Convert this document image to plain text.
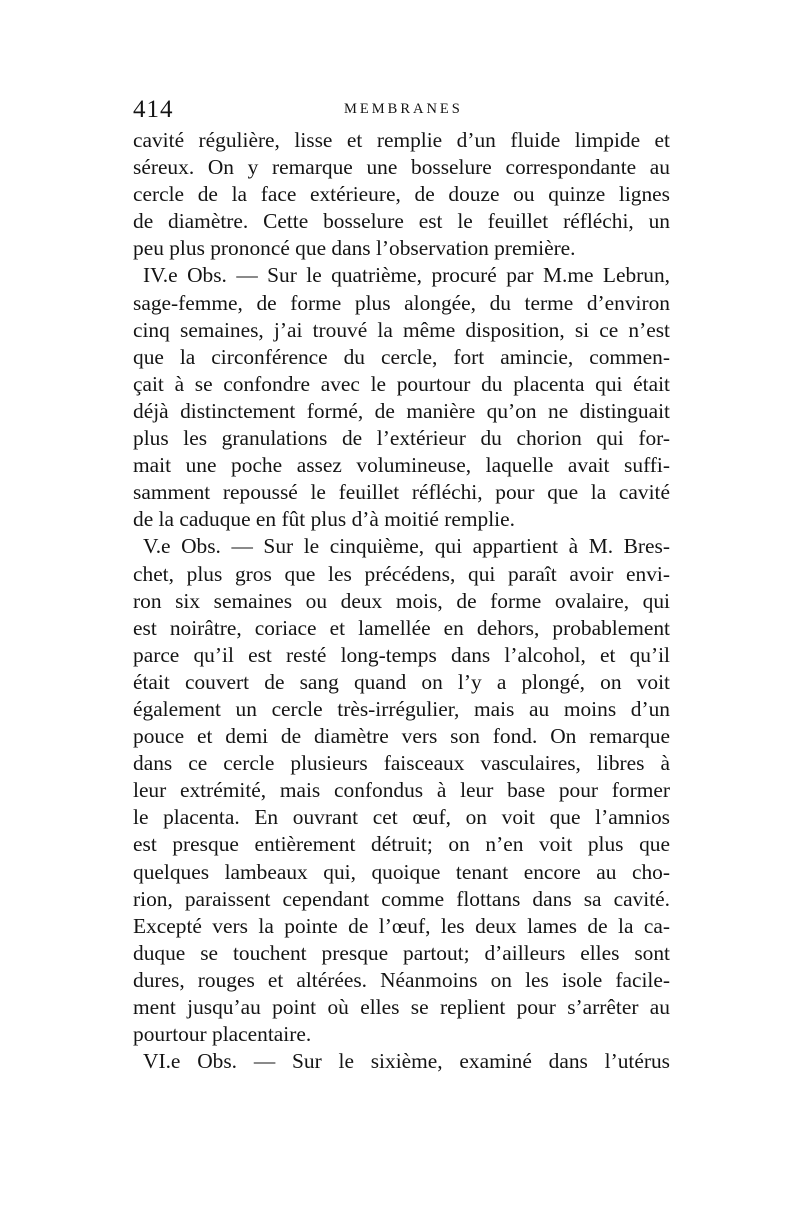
414	MEMBRANES
cavité régulière, lisse et remplie d’un fluide limpide et
séreux. On y remarque une bosselure correspondante au
cercle de la face extérieure, de douze ou quinze lignes
de diamètre. Cette bosselure est le feuillet réfléchi, un
peu plus prononcé que dans l’observation première.
IV.e Obs. — Sur le quatrième, procuré par M.me Lebrun,
sage-femme, de forme plus alongée, du terme d’environ
cinq semaines, j’ai trouvé la même disposition, si ce n’est
que la circonférence du cercle, fort amincie, commen-
çait à se confondre avec le pourtour du placenta qui était
déjà distinctement formé, de manière qu’on ne distinguait
plus les granulations de l’extérieur du chorion qui for-
mait une poche assez volumineuse, laquelle avait suffi-
samment repoussé le feuillet réfléchi, pour que la cavité
de la caduque en fût plus d’à moitié remplie.
V.e Obs. — Sur le cinquième, qui appartient à M. Bres-
chet, plus gros que les précédens, qui paraît avoir envi-
ron six semaines ou deux mois, de forme ovalaire, qui
est noirâtre, coriace et lamellée en dehors, probablement
parce qu’il est resté long-temps dans l’alcohol, et qu’il
était couvert de sang quand on l’y a plongé, on voit
également un cercle très-irrégulier, mais au moins d’un
pouce et demi de diamètre vers son fond. On remarque
dans ce cercle plusieurs faisceaux vasculaires, libres à
leur extrémité, mais confondus à leur base pour former
le placenta. En ouvrant cet œuf, on voit que l’amnios
est presque entièrement détruit; on n’en voit plus que
quelques lambeaux qui, quoique tenant encore au cho-
rion, paraissent cependant comme flottans dans sa cavité.
Excepté vers la pointe de l’œuf, les deux lames de la ca-
duque se touchent presque partout; d’ailleurs elles sont
dures, rouges et altérées. Néanmoins on les isole facile-
ment jusqu’au point où elles se replient pour s’arrêter au
pourtour placentaire.
VI.e Obs. — Sur le sixième, examiné dans l’utérus
